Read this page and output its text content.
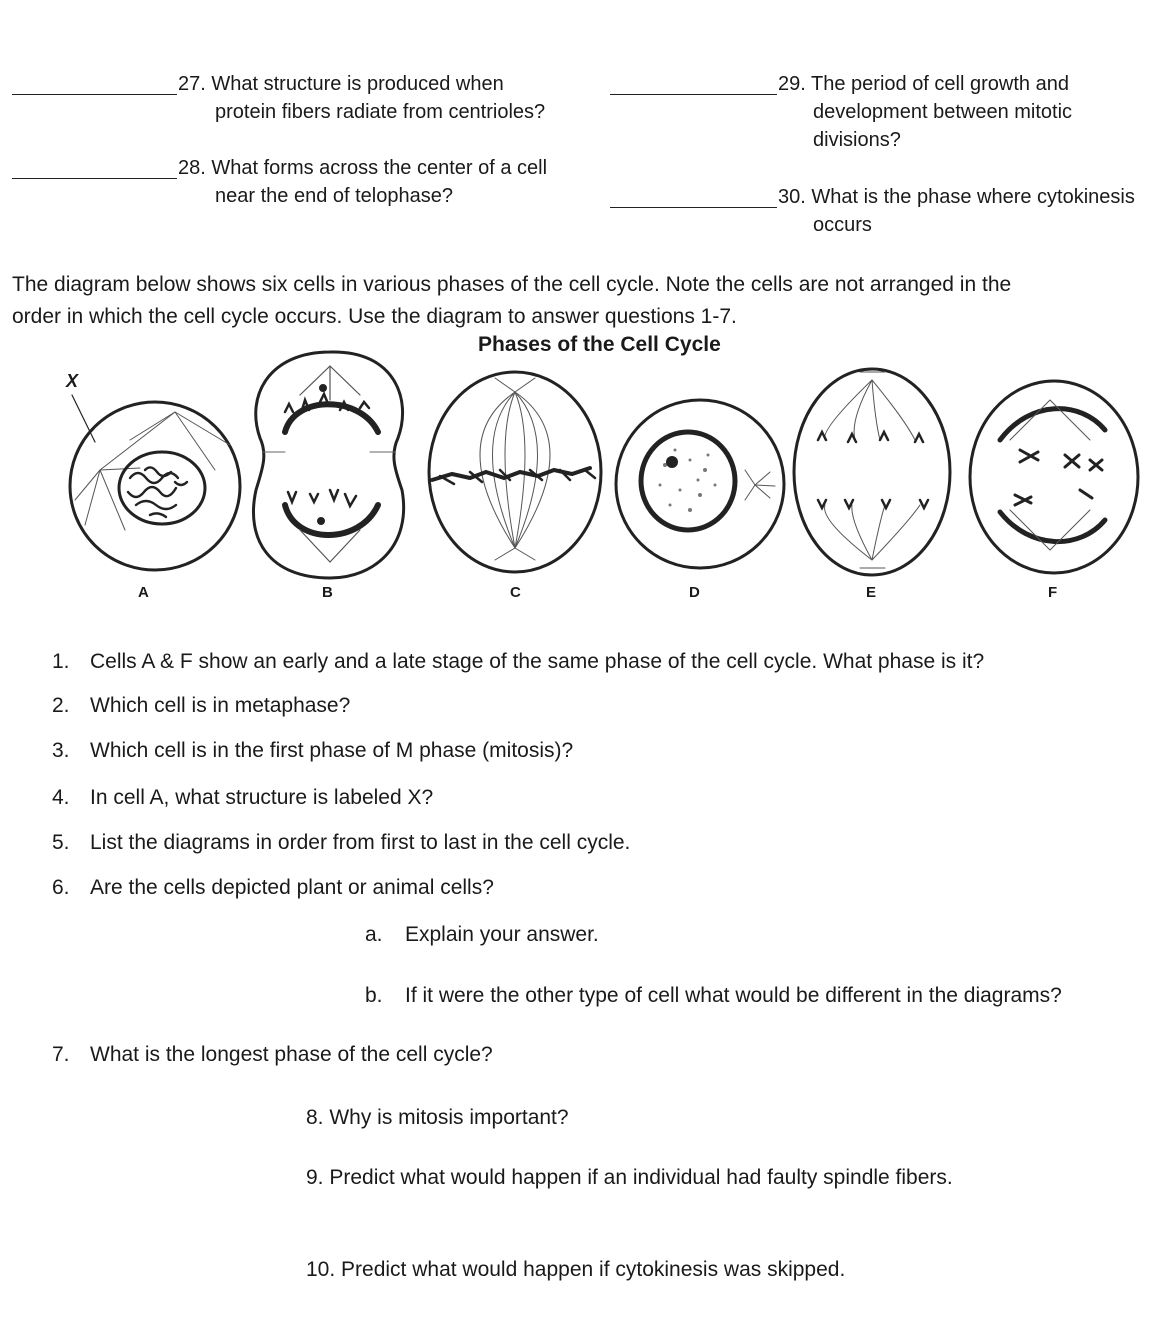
27. What structure is produced when
protein fibers radiate from centrioles?
28. What forms across the center of a cell
near the end of telophase?
29. The period of cell growth and
development between mitotic
divisions?
30. What is the phase where cytokinesis
occurs
The diagram below shows six cells in various phases of the cell cycle. Note the cells are not arranged in the
order in which the cell cycle occurs. Use the diagram to answer questions 1-7.
Phases of the Cell Cycle
X
A	B	C	D	E	F
1. Cells A & F show an early and a late stage of the same phase of the cell cycle. What phase is it?
2. Which cell is in metaphase?
3. Which cell is in the first phase of M phase (mitosis)?
4. In cell A, what structure is labeled X?
5. List the diagrams in order from first to last in the cell cycle.
6. Are the cells depicted plant or animal cells?
a. Explain your answer.
b. If it were the other type of cell what would be different in the diagrams?
7. What is the longest phase of the cell cycle?
8. Why is mitosis important?
9. Predict what would happen if an individual had faulty spindle fibers.
10. Predict what would happen if cytokinesis was skipped.
